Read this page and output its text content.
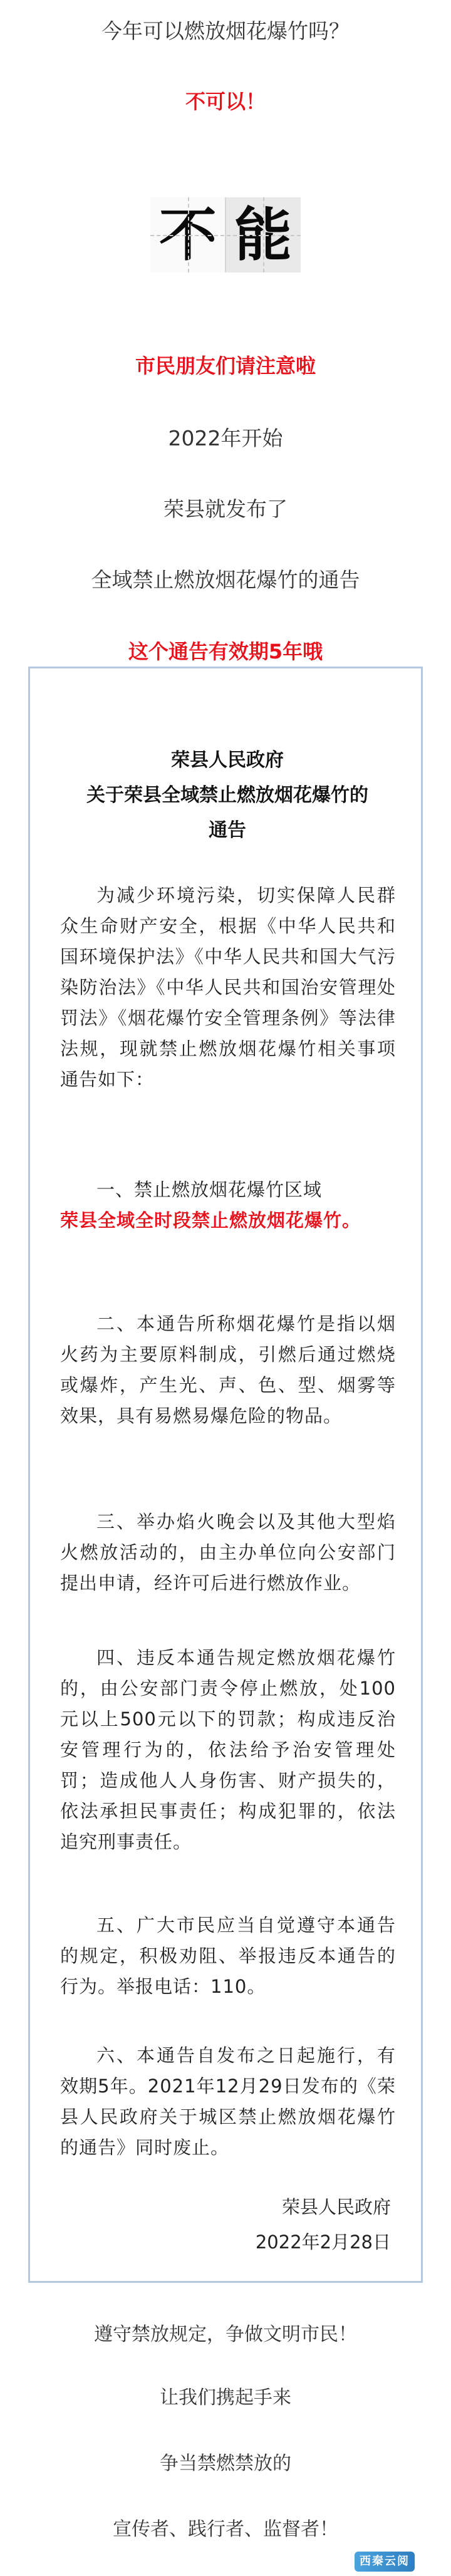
今年可以燃放烟花爆竹吗？
不可以！
不 能
市民朋友们请注意啦
2022年开始
荣县就发布了
全域禁止燃放烟花爆竹的通告
这个通告有效期5年哦
荣县人民政府
关于荣县全域禁止燃放烟花爆竹的
通告
为减少环境污染，切实保障人民群众生命财产安全，根据《中华人民共和国环境保护法》《中华人民共和国大气污染防治法》《中华人民共和国治安管理处罚法》《烟花爆竹安全管理条例》等法律法规，现就禁止燃放烟花爆竹相关事项通告如下：
一、禁止燃放烟花爆竹区域
荣县全域全时段禁止燃放烟花爆竹。
二、本通告所称烟花爆竹是指以烟火药为主要原料制成，引燃后通过燃烧或爆炸，产生光、声、色、型、烟雾等效果，具有易燃易爆危险的物品。
三、举办焰火晚会以及其他大型焰火燃放活动的，由主办单位向公安部门提出申请，经许可后进行燃放作业。
四、违反本通告规定燃放烟花爆竹的，由公安部门责令停止燃放，处100元以上500元以下的罚款；构成违反治安管理行为的，依法给予治安管理处罚；造成他人人身伤害、财产损失的，依法承担民事责任；构成犯罪的，依法追究刑事责任。
五、广大市民应当自觉遵守本通告的规定，积极劝阻、举报违反本通告的行为。举报电话：110。
六、本通告自发布之日起施行，有效期5年。2021年12月29日发布的《荣县人民政府关于城区禁止燃放烟花爆竹的通告》同时废止。
荣县人民政府
2022年2月28日
遵守禁放规定，争做文明市民！
让我们携起手来
争当禁燃禁放的
宣传者、践行者、监督者！
西秦云阅
